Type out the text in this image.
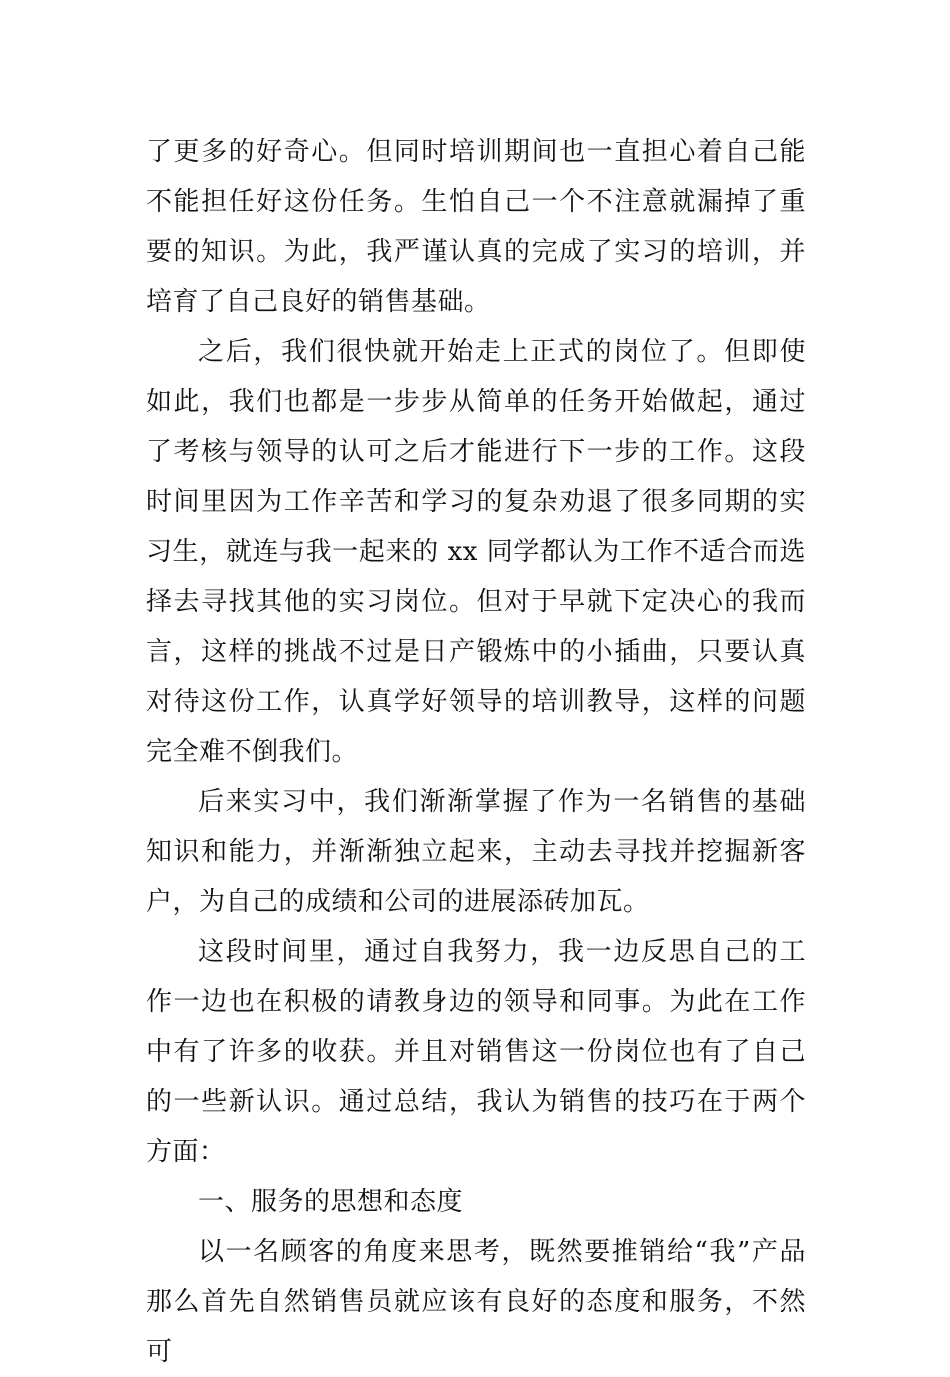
了更多的好奇心。但同时培训期间也一直担心着自己能不能担任好这份任务。生怕自己一个不注意就漏掉了重要的知识。为此，我严谨认真的完成了实习的培训，并培育了自己良好的销售基础。

之后，我们很快就开始走上正式的岗位了。但即使如此，我们也都是一步步从简单的任务开始做起，通过了考核与领导的认可之后才能进行下一步的工作。这段时间里因为工作辛苦和学习的复杂劝退了很多同期的实习生，就连与我一起来的 xx 同学都认为工作不适合而选择去寻找其他的实习岗位。但对于早就下定决心的我而言，这样的挑战不过是日产锻炼中的小插曲，只要认真对待这份工作，认真学好领导的培训教导，这样的问题完全难不倒我们。

后来实习中，我们渐渐掌握了作为一名销售的基础知识和能力，并渐渐独立起来，主动去寻找并挖掘新客户，为自己的成绩和公司的进展添砖加瓦。

这段时间里，通过自我努力，我一边反思自己的工作一边也在积极的请教身边的领导和同事。为此在工作中有了许多的收获。并且对销售这一份岗位也有了自己的一些新认识。通过总结，我认为销售的技巧在于两个方面：

一、服务的思想和态度

以一名顾客的角度来思考，既然要推销给“我”产品那么首先自然销售员就应该有良好的态度和服务，不然可
